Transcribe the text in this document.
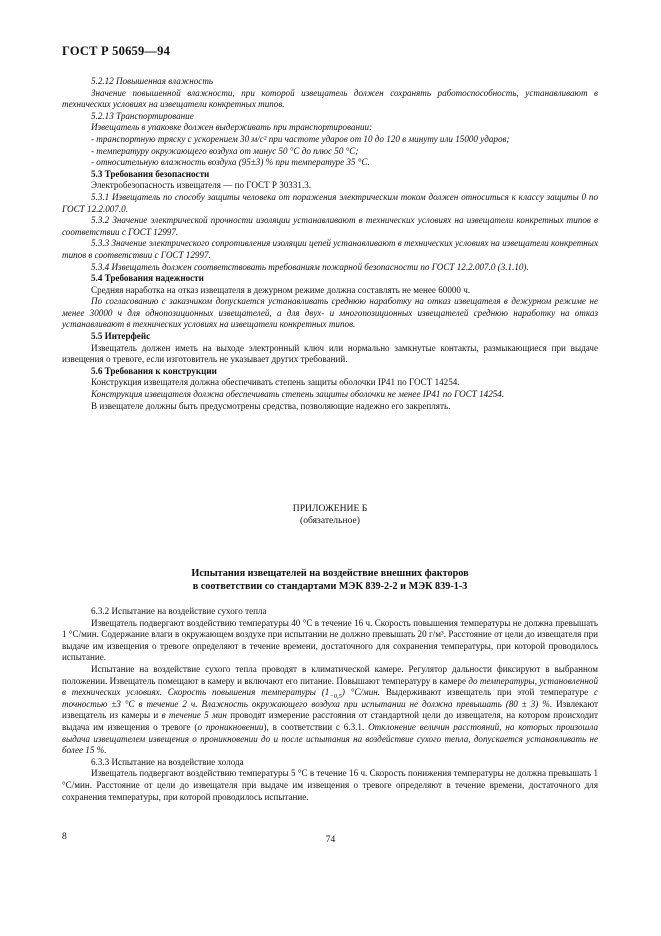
ГОСТ Р 50659—94

5.2.12 Повышенная влажность

Значение повышенной влажности, при которой извещатель должен сохранять работоспособность, устанавливают в технических условиях на извещатели конкретных типов.

5.2.13 Транспортирование

Извещатель в упаковке должен выдерживать при транспортировании:

- транспортную тряску с ускорением 30 м/с² при частоте ударов от 10 до 120 в минуту или 15000 ударов;

- температуру окружающего воздуха от минус 50 °С до плюс 50 °С;

- относительную влажность воздуха (95±3) % при температуре 35 °С.

5.3 Требования безопасности

Электробезопасность извещателя — по ГОСТ Р 30331.3.

5.3.1 Извещатель по способу защиты человека от поражения электрическим током должен относиться к классу защиты 0 по ГОСТ 12.2.007.0.

5.3.2 Значение электрической прочности изоляции устанавливают в технических условиях на извещатели конкретных типов в соответствии с ГОСТ 12997.

5.3.3 Значение электрического сопротивления изоляции цепей устанавливают в технических условиях на извещатели конкретных типов в соответствии с ГОСТ 12997.

5.3.4 Извещатель должен соответствовать требованиям пожарной безопасности по ГОСТ 12.2.007.0 (3.1.10).

5.4 Требования надежности

Средняя наработка на отказ извещателя в дежурном режиме должна составлять не менее 60000 ч.

По согласованию с заказчиком допускается устанавливать среднюю наработку на отказ извещателя в дежурном режиме не менее 30000 ч для однопозиционных извещателей, а для двух- и многопозиционных извещателей среднюю наработку на отказ устанавливают в технических условиях на извещатели конкретных типов.

5.5 Интерфейс

Извещатель должен иметь на выходе электронный ключ или нормально замкнутые контакты, размыкающиеся при выдаче извещения о тревоге, если изготовитель не указывает других требований.

5.6 Требования к конструкции

Конструкция извещателя должна обеспечивать степень защиты оболочки IP41 по ГОСТ 14254.

Конструкция извещателя должна обеспечивать степень защиты оболочки не менее IP41 по ГОСТ 14254.

В извещателе должны быть предусмотрены средства, позволяющие надежно его закреплять.

ПРИЛОЖЕНИЕ Б
(обязательное)
Испытания извещателей на воздействие внешних факторов
в соответствии со стандартами МЭК 839-2-2 и МЭК 839-1-3

6.3.2 Испытание на воздействие сухого тепла

Извещатель подвергают воздействию температуры 40 °С в течение 16 ч. Скорость повышения температуры не должна превышать 1 °С/мин. Содержание влаги в окружающем воздухе при испытании не должно превышать 20 г/м³. Расстояние от цели до извещателя при выдаче им извещения о тревоге определяют в течение времени, достаточного для сохранения температуры, при которой проводилось испытание.

Испытание на воздействие сухого тепла проводят в климатической камере. Регулятор дальности фиксируют в выбранном положении. Извещатель помещают в камеру и включают его питание. Повышают температуру в камере до температуры, установленной в технических условиях. Скорость повышения температуры $(1_{-0,5})$ °С/мин. Выдерживают извещатель при этой температуре с точностью ±3 °С в течение 2 ч. Влажность окружающего воздуха при испытании не должна превышать (80 ± 3) %. Извлекают извещатель из камеры и в течение 5 мин проводят измерение расстояния от стандартной цели до извещателя, на котором происходит выдача им извещения о тревоге (о проникновении), в соответствии с 6.3.1. Отклонение величин расстояний, на которых произошла выдача извещателем извещения о проникновении до и после испытания на воздействие сухого тепла, допускается устанавливать не более 15 %.

6.3.3 Испытание на воздействие холода

Извещатель подвергают воздействию температуры 5 °С в течение 16 ч. Скорость понижения температуры не должна превышать 1 °С/мин. Расстояние от цели до извещателя при выдаче им извещения о тревоге определяют в течение времени, достаточного для сохранения температуры, при которой проводилось испытание.

8	74
